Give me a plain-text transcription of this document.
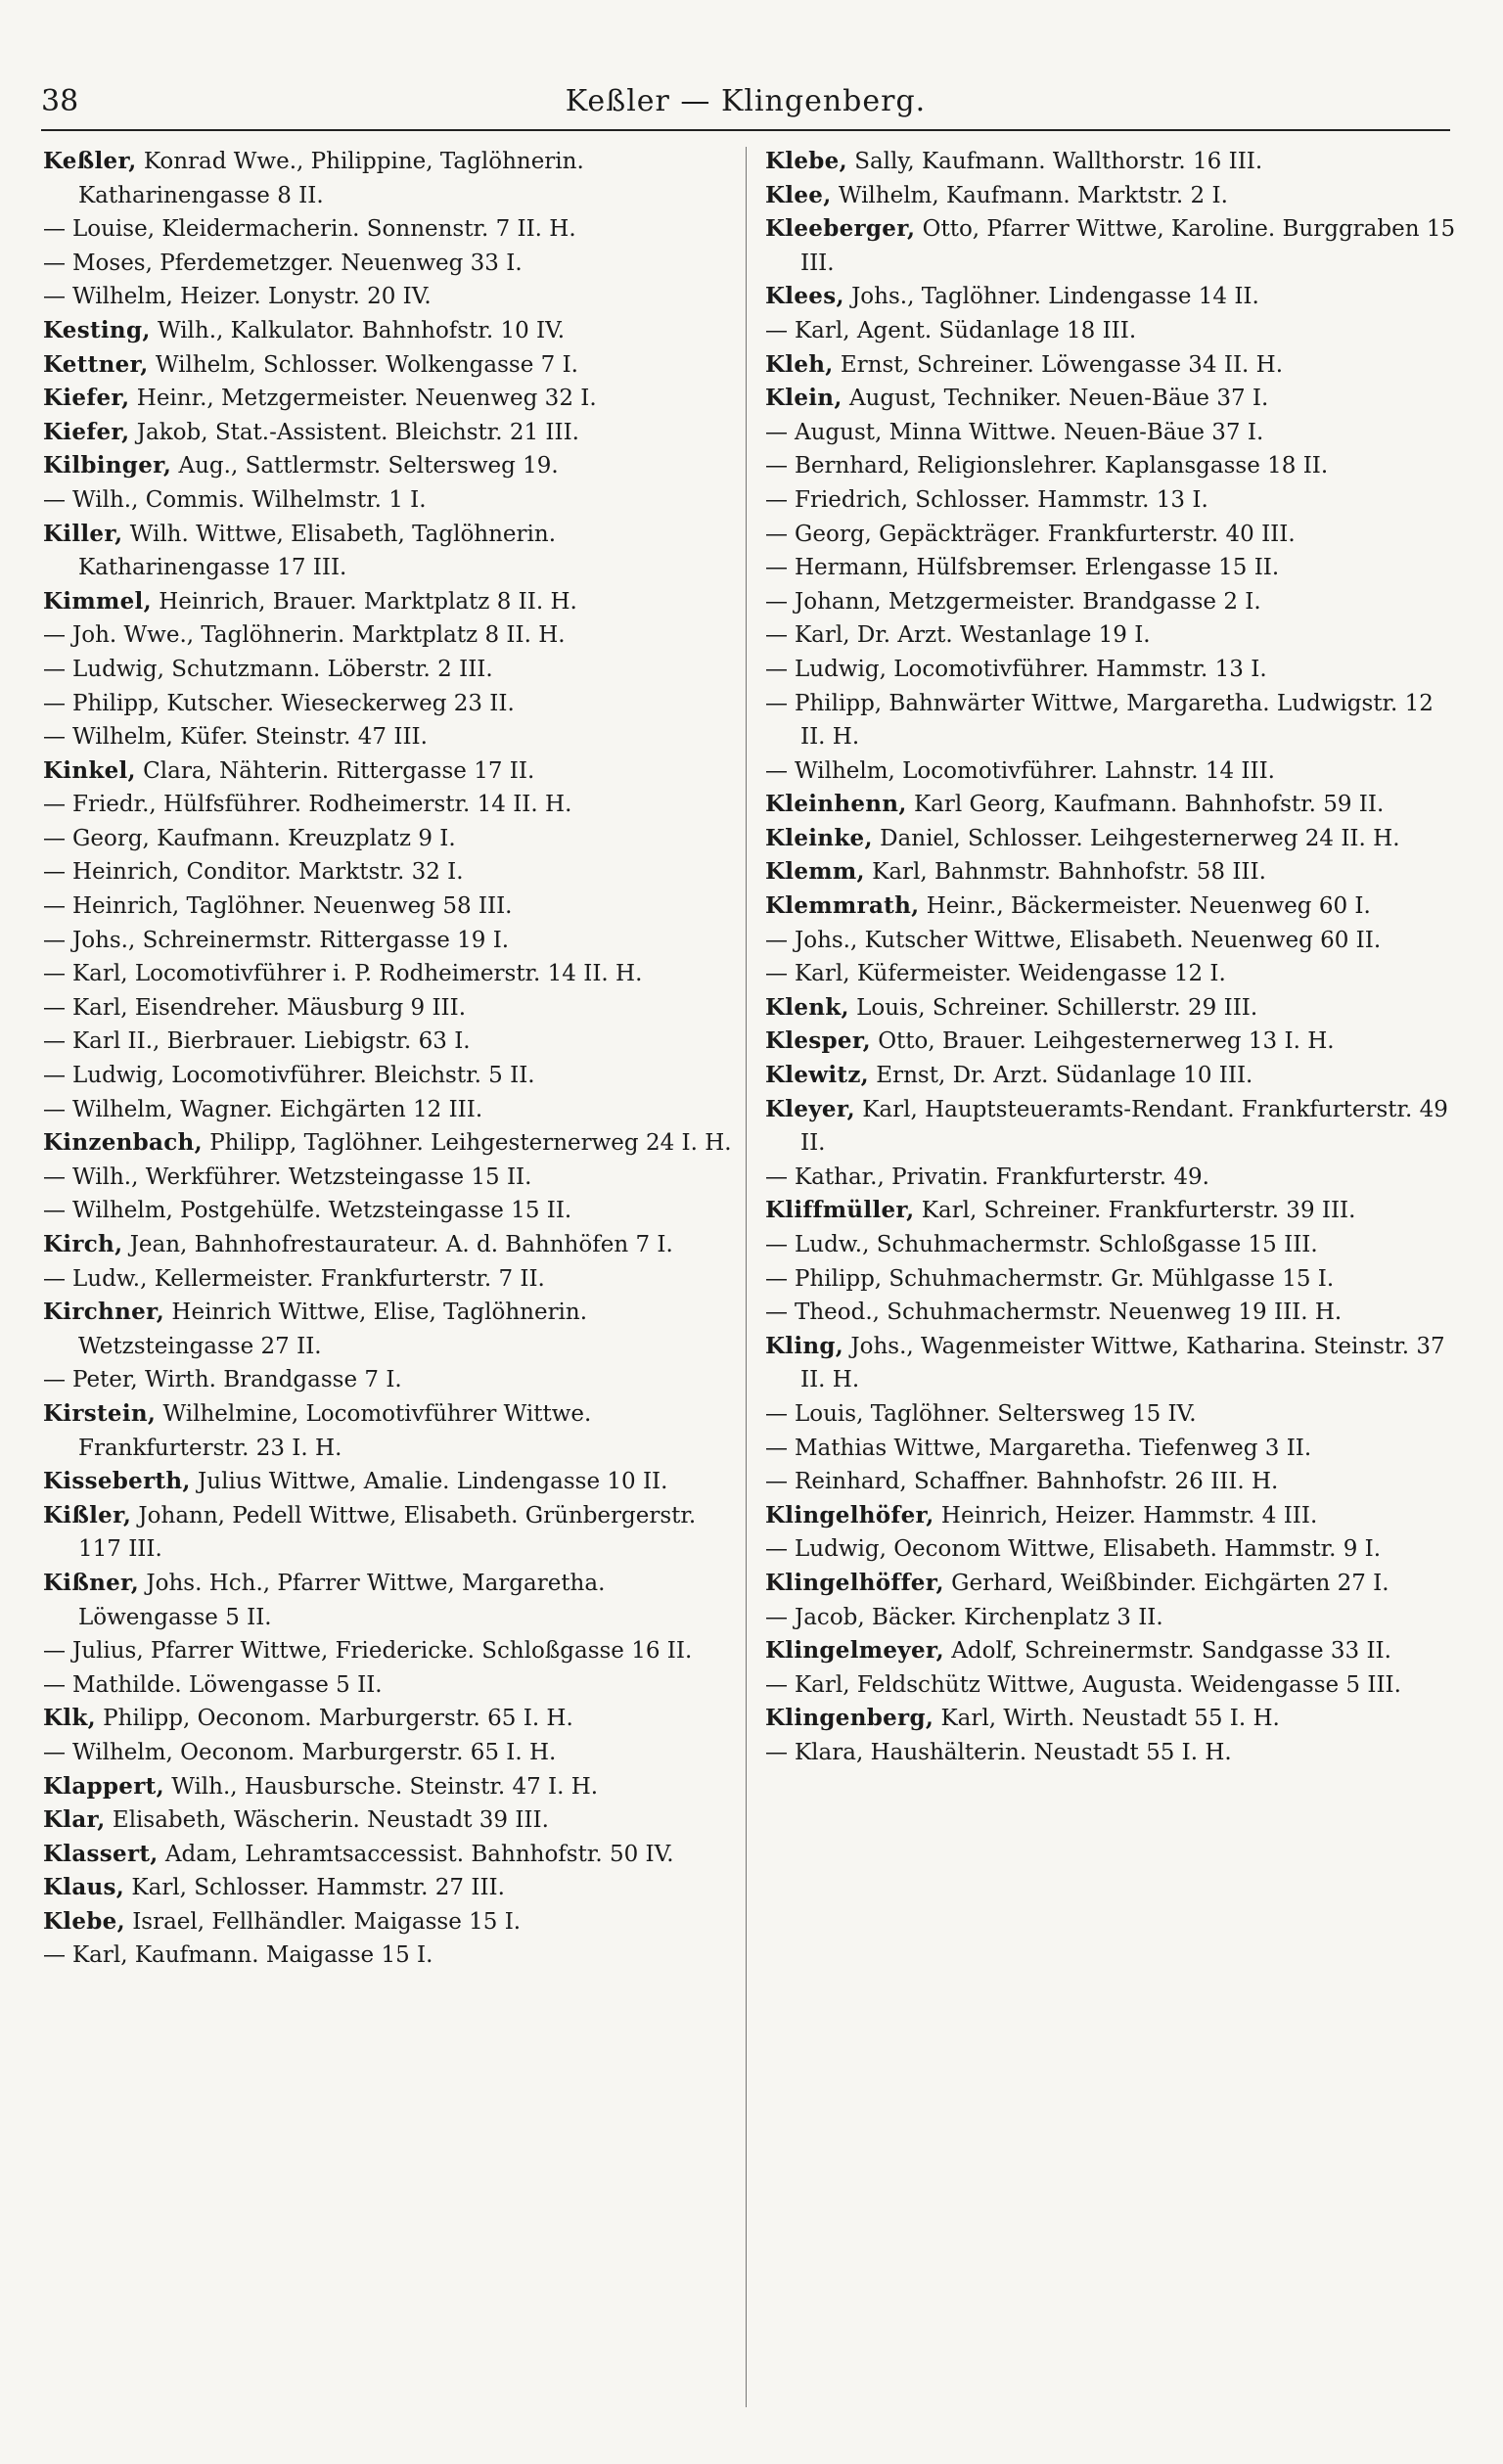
38	Keßler — Klingenberg.

Keßler, Konrad Wwe., Philippine, Taglöhnerin. Katharinengasse 8 II.

— Louise, Kleidermacherin. Sonnenstr. 7 II. H.

— Moses, Pferdemetzger. Neuenweg 33 I.

— Wilhelm, Heizer. Lonystr. 20 IV.

Kesting, Wilh., Kalkulator. Bahnhofstr. 10 IV.

Kettner, Wilhelm, Schlosser. Wolkengasse 7 I.

Kiefer, Heinr., Metzgermeister. Neuenweg 32 I.

Kiefer, Jakob, Stat.-Assistent. Bleichstr. 21 III.

Kilbinger, Aug., Sattlermstr. Seltersweg 19.

— Wilh., Commis. Wilhelmstr. 1 I.

Killer, Wilh. Wittwe, Elisabeth, Taglöhnerin. Katharinengasse 17 III.

Kimmel, Heinrich, Brauer. Marktplatz 8 II. H.

— Joh. Wwe., Taglöhnerin. Marktplatz 8 II. H.

— Ludwig, Schutzmann. Löberstr. 2 III.

— Philipp, Kutscher. Wieseckerweg 23 II.

— Wilhelm, Küfer. Steinstr. 47 III.

Kinkel, Clara, Nähterin. Rittergasse 17 II.

— Friedr., Hülfsführer. Rodheimerstr. 14 II. H.

— Georg, Kaufmann. Kreuzplatz 9 I.

— Heinrich, Conditor. Marktstr. 32 I.

— Heinrich, Taglöhner. Neuenweg 58 III.

— Johs., Schreinermstr. Rittergasse 19 I.

— Karl, Locomotivführer i. P. Rodheimerstr. 14 II. H.

— Karl, Eisendreher. Mäusburg 9 III.

— Karl II., Bierbrauer. Liebigstr. 63 I.

— Ludwig, Locomotivführer. Bleichstr. 5 II.

— Wilhelm, Wagner. Eichgärten 12 III.

Kinzenbach, Philipp, Taglöhner. Leihgesternerweg 24 I. H.

— Wilh., Werkführer. Wetzsteingasse 15 II.

— Wilhelm, Postgehülfe. Wetzsteingasse 15 II.

Kirch, Jean, Bahnhofrestaurateur. A. d. Bahnhöfen 7 I.

— Ludw., Kellermeister. Frankfurterstr. 7 II.

Kirchner, Heinrich Wittwe, Elise, Taglöhnerin. Wetzsteingasse 27 II.

— Peter, Wirth. Brandgasse 7 I.

Kirstein, Wilhelmine, Locomotivführer Wittwe. Frankfurterstr. 23 I. H.

Kisseberth, Julius Wittwe, Amalie. Lindengasse 10 II.

Kißler, Johann, Pedell Wittwe, Elisabeth. Grünbergerstr. 117 III.

Kißner, Johs. Hch., Pfarrer Wittwe, Margaretha. Löwengasse 5 II.

— Julius, Pfarrer Wittwe, Friedericke. Schloßgasse 16 II.

— Mathilde. Löwengasse 5 II.

Klk, Philipp, Oeconom. Marburgerstr. 65 I. H.

— Wilhelm, Oeconom. Marburgerstr. 65 I. H.

Klappert, Wilh., Hausbursche. Steinstr. 47 I. H.

Klar, Elisabeth, Wäscherin. Neustadt 39 III.

Klassert, Adam, Lehramtsaccessist. Bahnhofstr. 50 IV.

Klaus, Karl, Schlosser. Hammstr. 27 III.

Klebe, Israel, Fellhändler. Maigasse 15 I.

— Karl, Kaufmann. Maigasse 15 I.

Klebe, Sally, Kaufmann. Wallthorstr. 16 III.

Klee, Wilhelm, Kaufmann. Marktstr. 2 I.

Kleeberger, Otto, Pfarrer Wittwe, Karoline. Burggraben 15 III.

Klees, Johs., Taglöhner. Lindengasse 14 II.

— Karl, Agent. Südanlage 18 III.

Kleh, Ernst, Schreiner. Löwengasse 34 II. H.

Klein, August, Techniker. Neuen-Bäue 37 I.

— August, Minna Wittwe. Neuen-Bäue 37 I.

— Bernhard, Religionslehrer. Kaplansgasse 18 II.

— Friedrich, Schlosser. Hammstr. 13 I.

— Georg, Gepäckträger. Frankfurterstr. 40 III.

— Hermann, Hülfsbremser. Erlengasse 15 II.

— Johann, Metzgermeister. Brandgasse 2 I.

— Karl, Dr. Arzt. Westanlage 19 I.

— Ludwig, Locomotivführer. Hammstr. 13 I.

— Philipp, Bahnwärter Wittwe, Margaretha. Ludwigstr. 12 II. H.

— Wilhelm, Locomotivführer. Lahnstr. 14 III.

Kleinhenn, Karl Georg, Kaufmann. Bahnhofstr. 59 II.

Kleinke, Daniel, Schlosser. Leihgesternerweg 24 II. H.

Klemm, Karl, Bahnmstr. Bahnhofstr. 58 III.

Klemmrath, Heinr., Bäckermeister. Neuenweg 60 I.

— Johs., Kutscher Wittwe, Elisabeth. Neuenweg 60 II.

— Karl, Küfermeister. Weidengasse 12 I.

Klenk, Louis, Schreiner. Schillerstr. 29 III.

Klesper, Otto, Brauer. Leihgesternerweg 13 I. H.

Klewitz, Ernst, Dr. Arzt. Südanlage 10 III.

Kleyer, Karl, Hauptsteueramts-Rendant. Frankfurterstr. 49 II.

— Kathar., Privatin. Frankfurterstr. 49.

Kliffmüller, Karl, Schreiner. Frankfurterstr. 39 III.

— Ludw., Schuhmachermstr. Schloßgasse 15 III.

— Philipp, Schuhmachermstr. Gr. Mühlgasse 15 I.

— Theod., Schuhmachermstr. Neuenweg 19 III. H.

Kling, Johs., Wagenmeister Wittwe, Katharina. Steinstr. 37 II. H.

— Louis, Taglöhner. Seltersweg 15 IV.

— Mathias Wittwe, Margaretha. Tiefenweg 3 II.

— Reinhard, Schaffner. Bahnhofstr. 26 III. H.

Klingelhöfer, Heinrich, Heizer. Hammstr. 4 III.

— Ludwig, Oeconom Wittwe, Elisabeth. Hammstr. 9 I.

Klingelhöffer, Gerhard, Weißbinder. Eichgärten 27 I.

— Jacob, Bäcker. Kirchenplatz 3 II.

Klingelmeyer, Adolf, Schreinermstr. Sandgasse 33 II.

— Karl, Feldschütz Wittwe, Augusta. Weidengasse 5 III.

Klingenberg, Karl, Wirth. Neustadt 55 I. H.

— Klara, Haushälterin. Neustadt 55 I. H.
